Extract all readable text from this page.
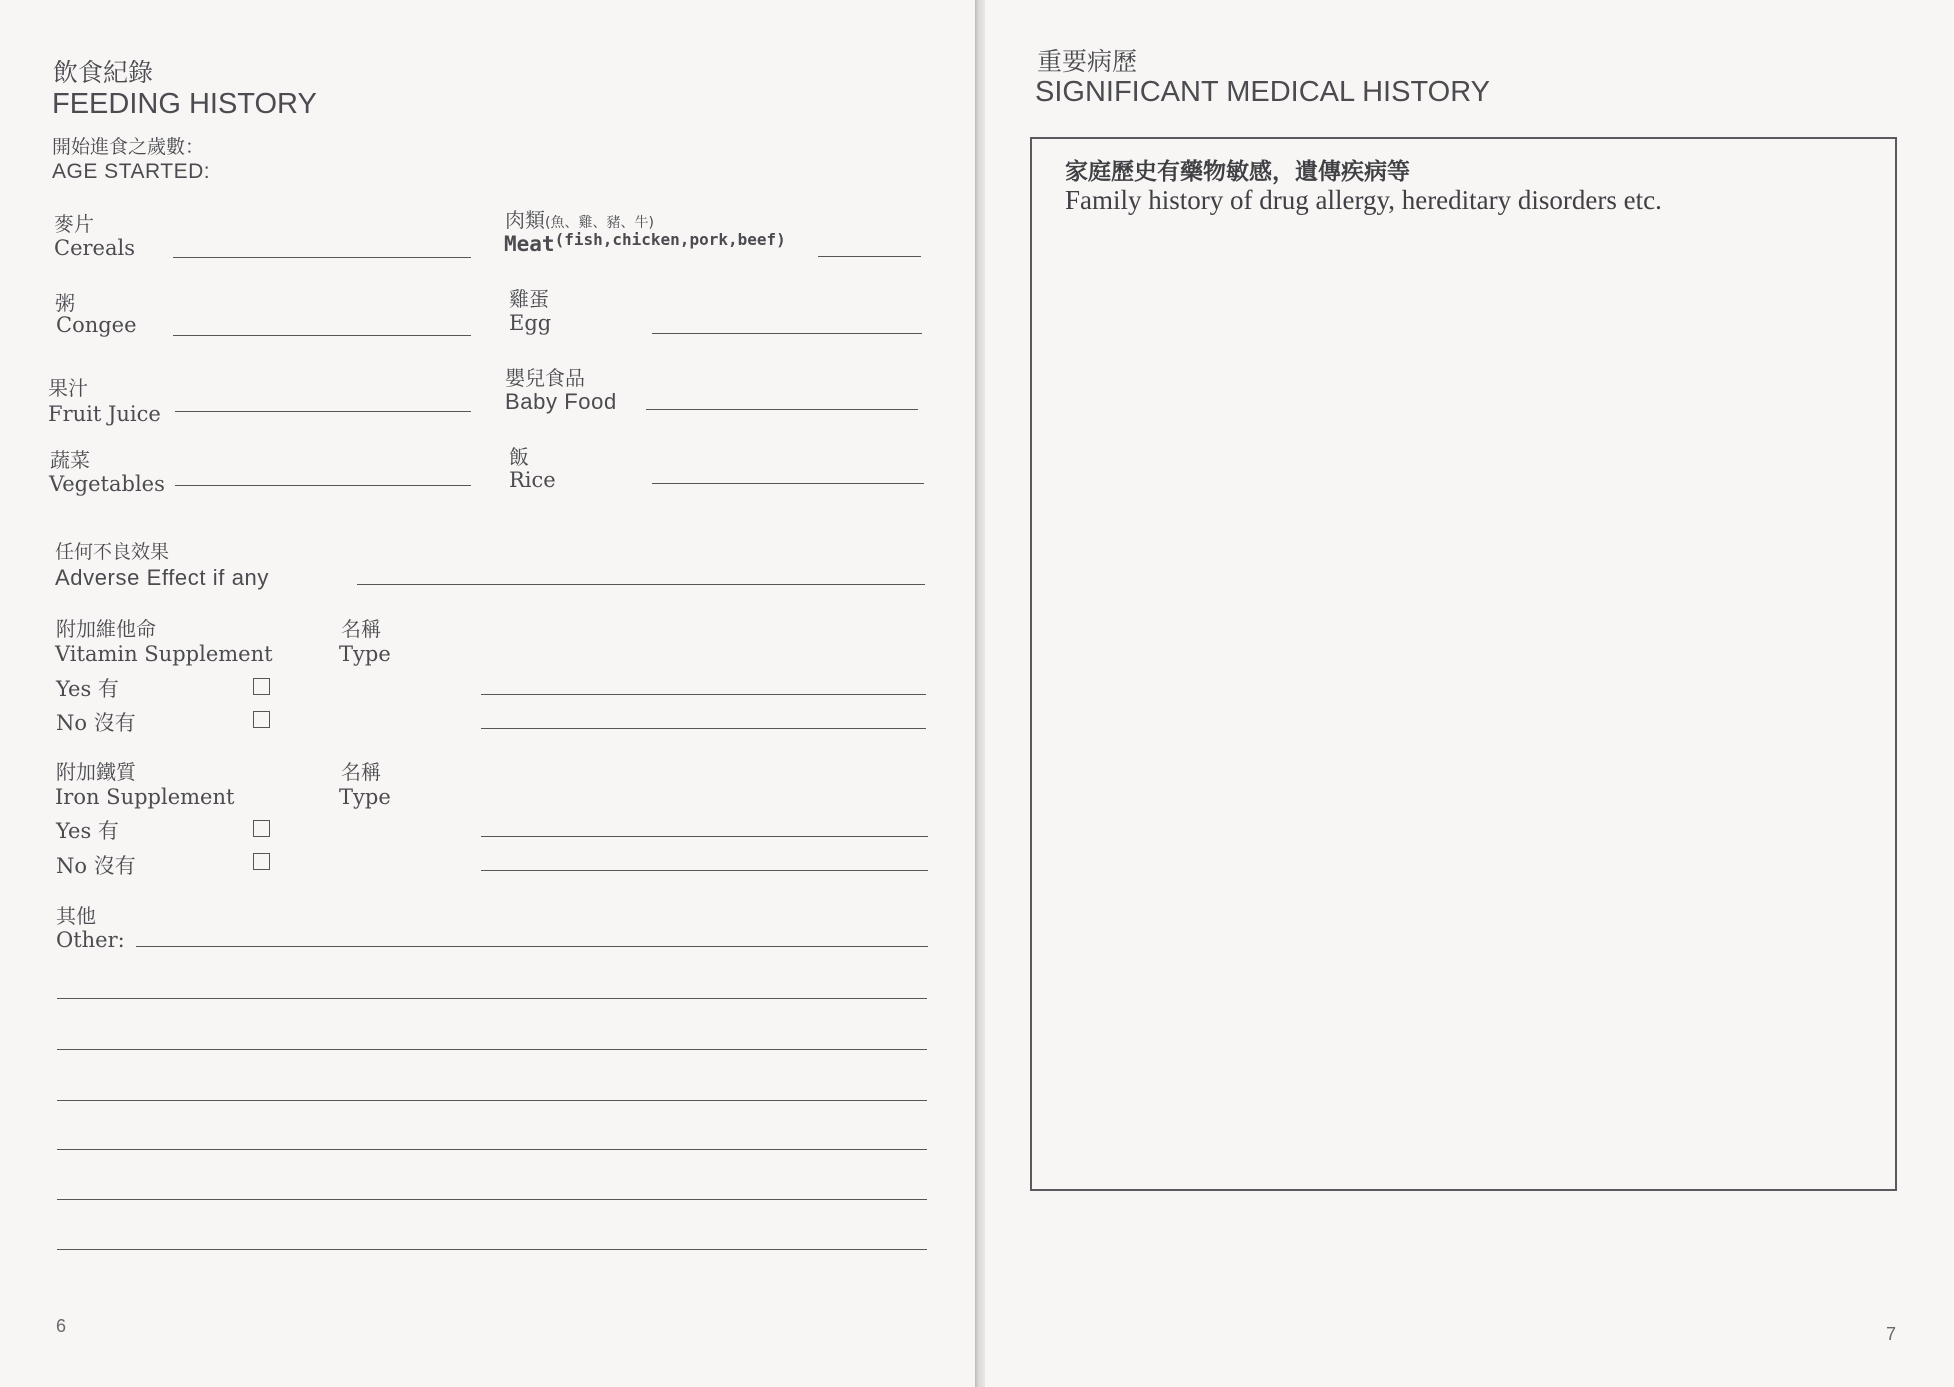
飲食紀錄
FEEDING HISTORY
開始進食之歲數：
AGE STARTED:
麥片
Cereals
粥
Congee
果汁
Fruit Juice
蔬菜
Vegetables
肉類(魚、雞、豬、牛)
Meat(fish,chicken,pork,beef)
雞蛋
Egg
嬰兒食品
Baby Food
飯
Rice
任何不良效果
Adverse Effect if any
附加維他命
Vitamin Supplement
名稱
Type
Yes 有
No 沒有
附加鐵質
Iron Supplement
名稱
Type
Yes 有
No 沒有
其他
Other:
6
重要病歷
SIGNIFICANT MEDICAL HISTORY
家庭歷史有藥物敏感，遺傳疾病等
Family history of drug allergy, hereditary disorders etc.
7
